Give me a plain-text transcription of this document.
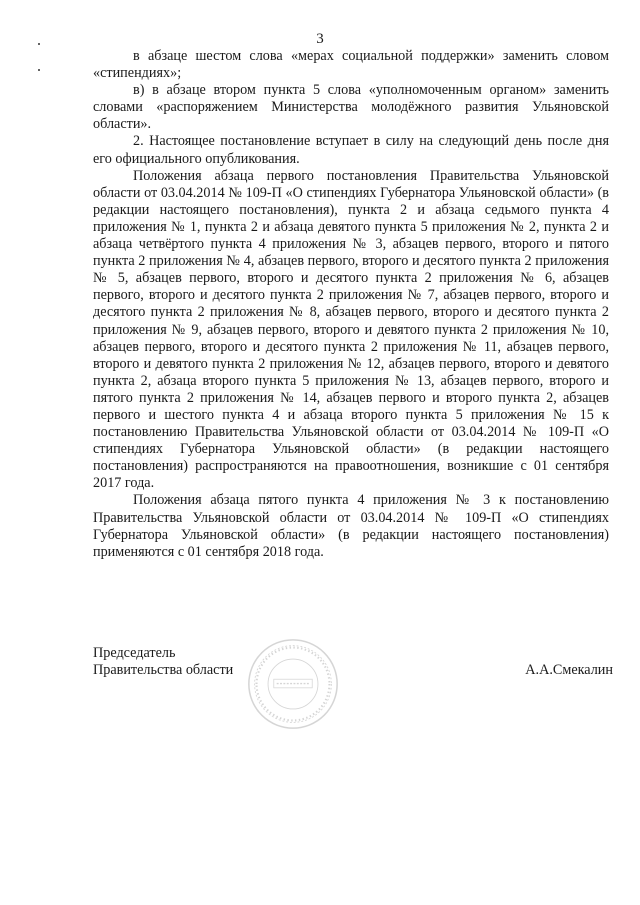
3

в абзаце шестом слова «мерах социальной поддержки» заменить словом «стипендиях»;

в) в абзаце втором пункта 5 слова «уполномоченным органом» заменить словами «распоряжением Министерства молодёжного развития Ульяновской области».

2. Настоящее постановление вступает в силу на следующий день после дня его официального опубликования.

Положения абзаца первого постановления Правительства Ульяновской области от 03.04.2014 № 109-П «О стипендиях Губернатора Ульяновской области» (в редакции настоящего постановления), пункта 2 и абзаца седьмого пункта 4 приложения № 1, пункта 2 и абзаца девятого пункта 5 приложения № 2, пункта 2 и абзаца четвёртого пункта 4 приложения № 3, абзацев первого, второго и пятого пункта 2 приложения № 4, абзацев первого, второго и десятого пункта 2 приложения № 5, абзацев первого, второго и десятого пункта 2 приложения № 6, абзацев первого, второго и десятого пункта 2 приложения № 7, абзацев первого, второго и десятого пункта 2 приложения № 8, абзацев первого, второго и десятого пункта 2 приложения № 9, абзацев первого, второго и девятого пункта 2 приложения № 10, абзацев первого, второго и десятого пункта 2 приложения № 11, абзацев первого, второго и девятого пункта 2 приложения № 12, абзацев первого, второго и девятого пункта 2, абзаца второго пункта 5 приложения № 13, абзацев первого, второго и пятого пункта 2 приложения № 14, абзацев первого и второго пункта 2, абзацев первого и шестого пункта 4 и абзаца второго пункта 5 приложения № 15 к постановлению Правительства Ульяновской области от 03.04.2014 № 109-П «О стипендиях Губернатора Ульяновской области» (в редакции настоящего постановления) распространяются на правоотношения, возникшие с 01 сентября 2017 года.

Положения абзаца пятого пункта 4 приложения № 3 к постановлению Правительства Ульяновской области от 03.04.2014 № 109-П «О стипендиях Губернатора Ульяновской области» (в редакции настоящего постановления) применяются с 01 сентября 2018 года.

Председатель
Правительства области	А.А.Смекалин
